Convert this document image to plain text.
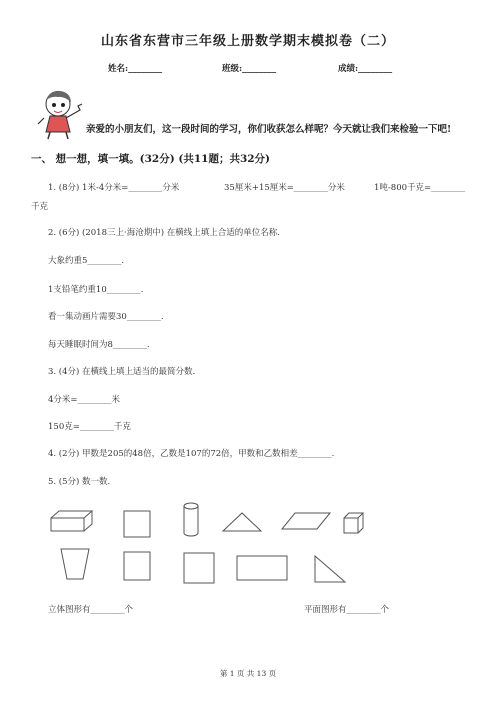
山东省东营市三年级上册数学期末模拟卷（二）
姓名:________	班级:________	成绩:________
亲爱的小朋友们，这一段时间的学习，你们收获怎么样呢？今天就让我们来检验一下吧!
一、 想一想，填一填。(32分) (共11题；共32分)
1. (8分) 1米-4分米=________分米	35厘米+15厘米=________分米	1吨-800千克=________
千克
2. (6分) (2018三上·海沧期中) 在横线上填上合适的单位名称.
大象约重5________.
1支铅笔约重10________.
看一集动画片需要30________.
每天睡眠时间为8________.
3. (4分) 在横线上填上适当的最简分数.
4分米=________米
150克=________千克
4. (2分) 甲数是205的48倍，乙数是107的72倍，甲数和乙数相差________.
5. (5分) 数一数.
立体图形有________个	平面图形有________个
第 1 页 共 13 页
